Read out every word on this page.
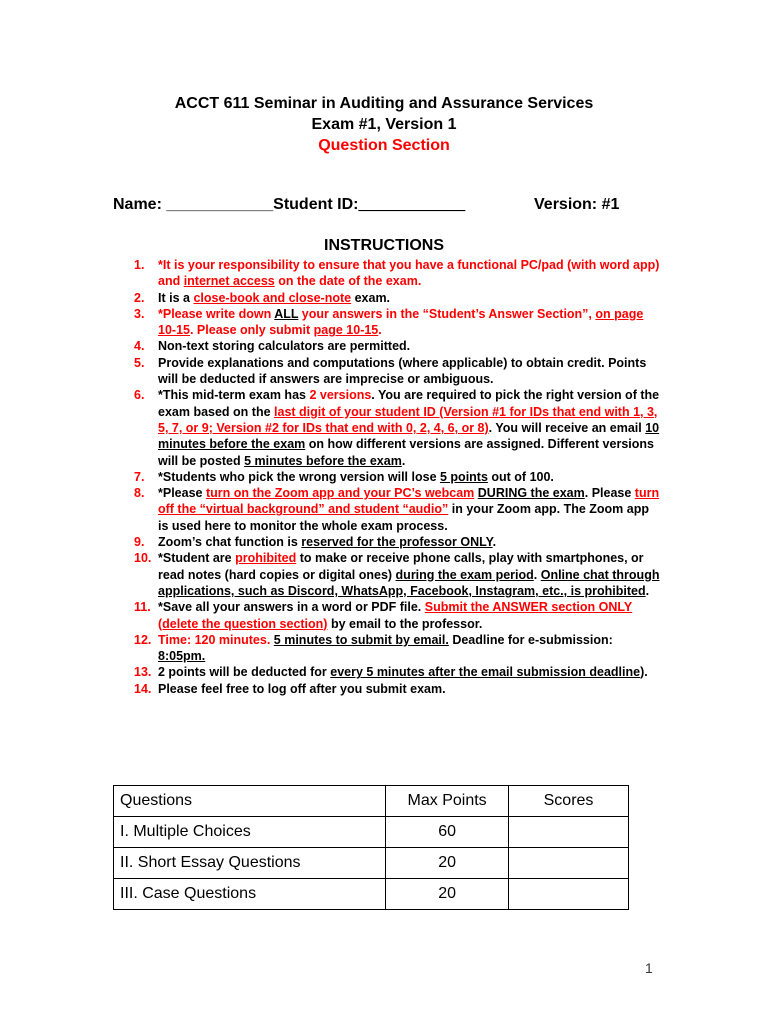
ACCT 611 Seminar in Auditing and Assurance Services
Exam #1, Version 1
Question Section
Name: ____________Student ID:____________	Version: #1
INSTRUCTIONS
1. *It is your responsibility to ensure that you have a functional PC/pad (with word app) and internet access on the date of the exam.
2. It is a close-book and close-note exam.
3. *Please write down ALL your answers in the “Student’s Answer Section”, on page 10-15. Please only submit page 10-15.
4. Non-text storing calculators are permitted.
5. Provide explanations and computations (where applicable) to obtain credit. Points will be deducted if answers are imprecise or ambiguous.
6. *This mid-term exam has 2 versions. You are required to pick the right version of the exam based on the last digit of your student ID (Version #1 for IDs that end with 1, 3, 5, 7, or 9; Version #2 for IDs that end with 0, 2, 4, 6, or 8). You will receive an email 10 minutes before the exam on how different versions are assigned. Different versions will be posted 5 minutes before the exam.
7. *Students who pick the wrong version will lose 5 points out of 100.
8. *Please turn on the Zoom app and your PC’s webcam DURING the exam. Please turn off the “virtual background” and student “audio” in your Zoom app. The Zoom app is used here to monitor the whole exam process.
9. Zoom’s chat function is reserved for the professor ONLY.
10. *Student are prohibited to make or receive phone calls, play with smartphones, or read notes (hard copies or digital ones) during the exam period. Online chat through applications, such as Discord, WhatsApp, Facebook, Instagram, etc., is prohibited.
11. *Save all your answers in a word or PDF file. Submit the ANSWER section ONLY (delete the question section) by email to the professor.
12. Time: 120 minutes. 5 minutes to submit by email. Deadline for e-submission: 8:05pm.
13. 2 points will be deducted for every 5 minutes after the email submission deadline).
14. Please feel free to log off after you submit exam.
Questions	Max Points	Scores
I. Multiple Choices	60	
II. Short Essay Questions	20	
III. Case Questions	20	
1
